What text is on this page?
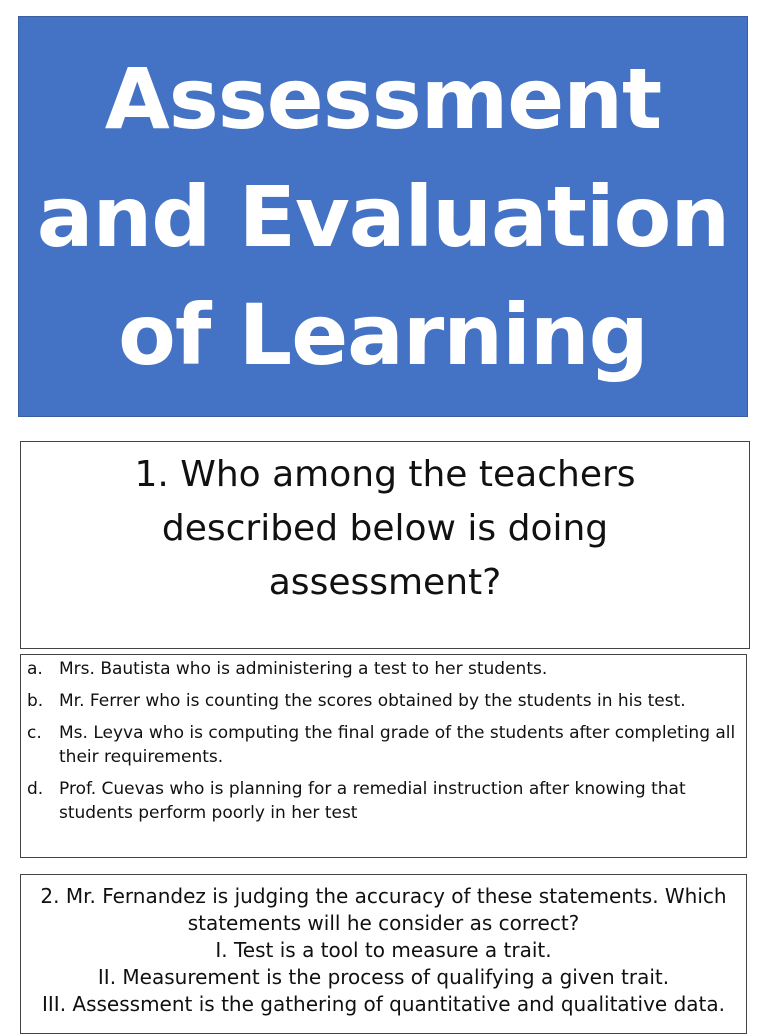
Assessment
and Evaluation
of Learning
1. Who among the teachers
described below is doing
assessment?
a. Mrs. Bautista who is administering a test to her students.
b. Mr. Ferrer who is counting the scores obtained by the students in his test.
c.	Ms. Leyva who is computing the final grade of the students after completing all their requirements.
d. Prof. Cuevas who is planning for a remedial instruction after knowing that students perform poorly in her test
2. Mr. Fernandez is judging the accuracy of these statements. Which
statements will he consider as correct?
I. Test is a tool to measure a trait.
II. Measurement is the process of qualifying a given trait.
III. Assessment is the gathering of quantitative and qualitative data.
